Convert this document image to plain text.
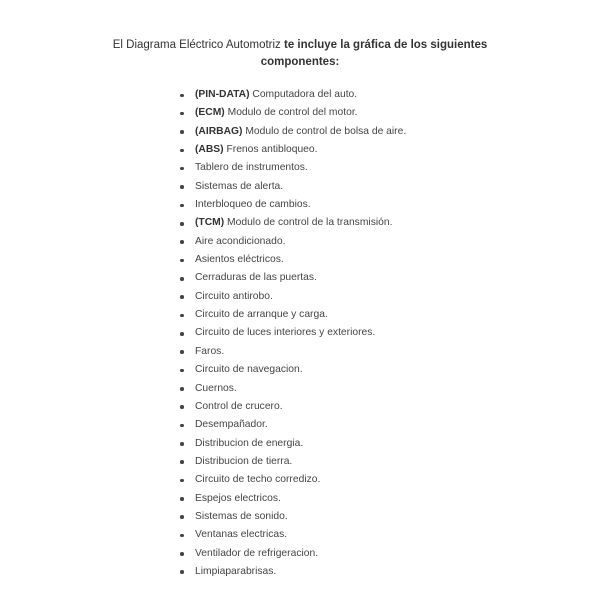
El Diagrama Eléctrico Automotriz te incluye la gráfica de los siguientes componentes:
(PIN-DATA) Computadora del auto.
(ECM) Modulo de control del motor.
(AIRBAG) Modulo de control de bolsa de aire.
(ABS) Frenos antibloqueo.
Tablero de instrumentos.
Sistemas de alerta.
Interbloqueo de cambios.
(TCM) Modulo de control de la transmisión.
Aire acondicionado.
Asientos eléctricos.
Cerraduras de las puertas.
Circuito antirobo.
Circuito de arranque y carga.
Circuito de luces interiores y exteriores.
Faros.
Circuito de navegacion.
Cuernos.
Control de crucero.
Desempañador.
Distribucion de energia.
Distribucion de tierra.
Circuito de techo corredizo.
Espejos electricos.
Sistemas de sonido.
Ventanas electricas.
Ventilador de refrigeracion.
Limpiaparabrisas.
